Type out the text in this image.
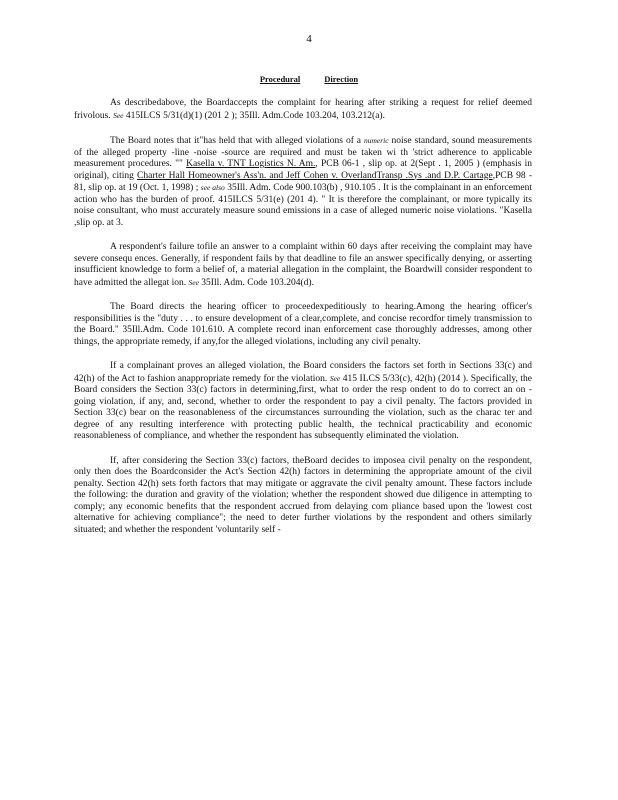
4
Procedural	Direction

As describedabove, the Boardaccepts the complaint for hearing after striking a request for relief deemed frivolous. See 415ILCS 5/31(d)(1) (201 2 ); 35Ill. Adm.Code 103.204, 103.212(a).

The Board notes that it"has held that with alleged violations of a numeric noise standard, sound measurements of the alleged property -line -noise -source are required and must be taken wi th 'strict adherence to applicable measurement procedures. "" Kasella v. TNT Logistics N. Am., PCB 06-1 , slip op. at 2(Sept . 1, 2005 ) (emphasis in original), citing Charter Hall Homeowner's Ass'n. and Jeff Cohen v. OverlandTransp .Sys .and D.P. Cartage,PCB 98 - 81, slip op. at 19 (Oct. 1, 1998) ; see also 35Ill. Adm. Code 900.103(b) , 910.105 . It is the complainant in an enforcement action who has the burden of proof. 415ILCS 5/31(e) (201 4). " It is therefore the complainant, or more typically its noise consultant, who must accurately measure sound emissions in a case of alleged numeric noise violations. "Kasella ,slip op. at 3.

A respondent's failure tofile an answer to a complaint within 60 days after receiving the complaint may have severe consequ ences. Generally, if respondent fails by that deadline to file an answer specifically denying, or asserting insufficient knowledge to form a belief of, a material allegation in the complaint, the Boardwill consider respondent to have admitted the allegat ion. See 35Ill. Adm. Code 103.204(d).

The Board directs the hearing officer to proceedexpeditiously to hearing.Among the hearing officer's responsibilities is the "duty . . . to ensure development of a clear,complete, and concise recordfor timely transmission to the Board." 35Ill.Adm. Code 101.610. A complete record inan enforcement case thoroughly addresses, among other things, the appropriate remedy, if any,for the alleged violations, including any civil penalty.

If a complainant proves an alleged violation, the Board considers the factors set forth in Sections 33(c) and 42(h) of the Act to fashion anappropriate remedy for the violation. See 415 ILCS 5/33(c), 42(h) (2014 ). Specifically, the Board considers the Section 33(c) factors in determining,first, what to order the resp ondent to do to correct an on - going violation, if any, and, second, whether to order the respondent to pay a civil penalty. The factors provided in Section 33(c) bear on the reasonableness of the circumstances surrounding the violation, such as the charac ter and degree of any resulting interference with protecting public health, the technical practicability and economic reasonableness of compliance, and whether the respondent has subsequently eliminated the violation.

If, after considering the Section 33(c) factors, theBoard decides to imposea civil penalty on the respondent, only then does the Boardconsider the Act's Section 42(h) factors in determining the appropriate amount of the civil penalty. Section 42(h) sets forth factors that may mitigate or aggravate the civil penalty amount. These factors include the following: the duration and gravity of the violation; whether the respondent showed due diligence in attempting to comply; any economic benefits that the respondent accrued from delaying com pliance based upon the 'lowest cost alternative for achieving compliance"; the need to deter further violations by the respondent and others similarly situated; and whether the respondent 'voluntarily self -
